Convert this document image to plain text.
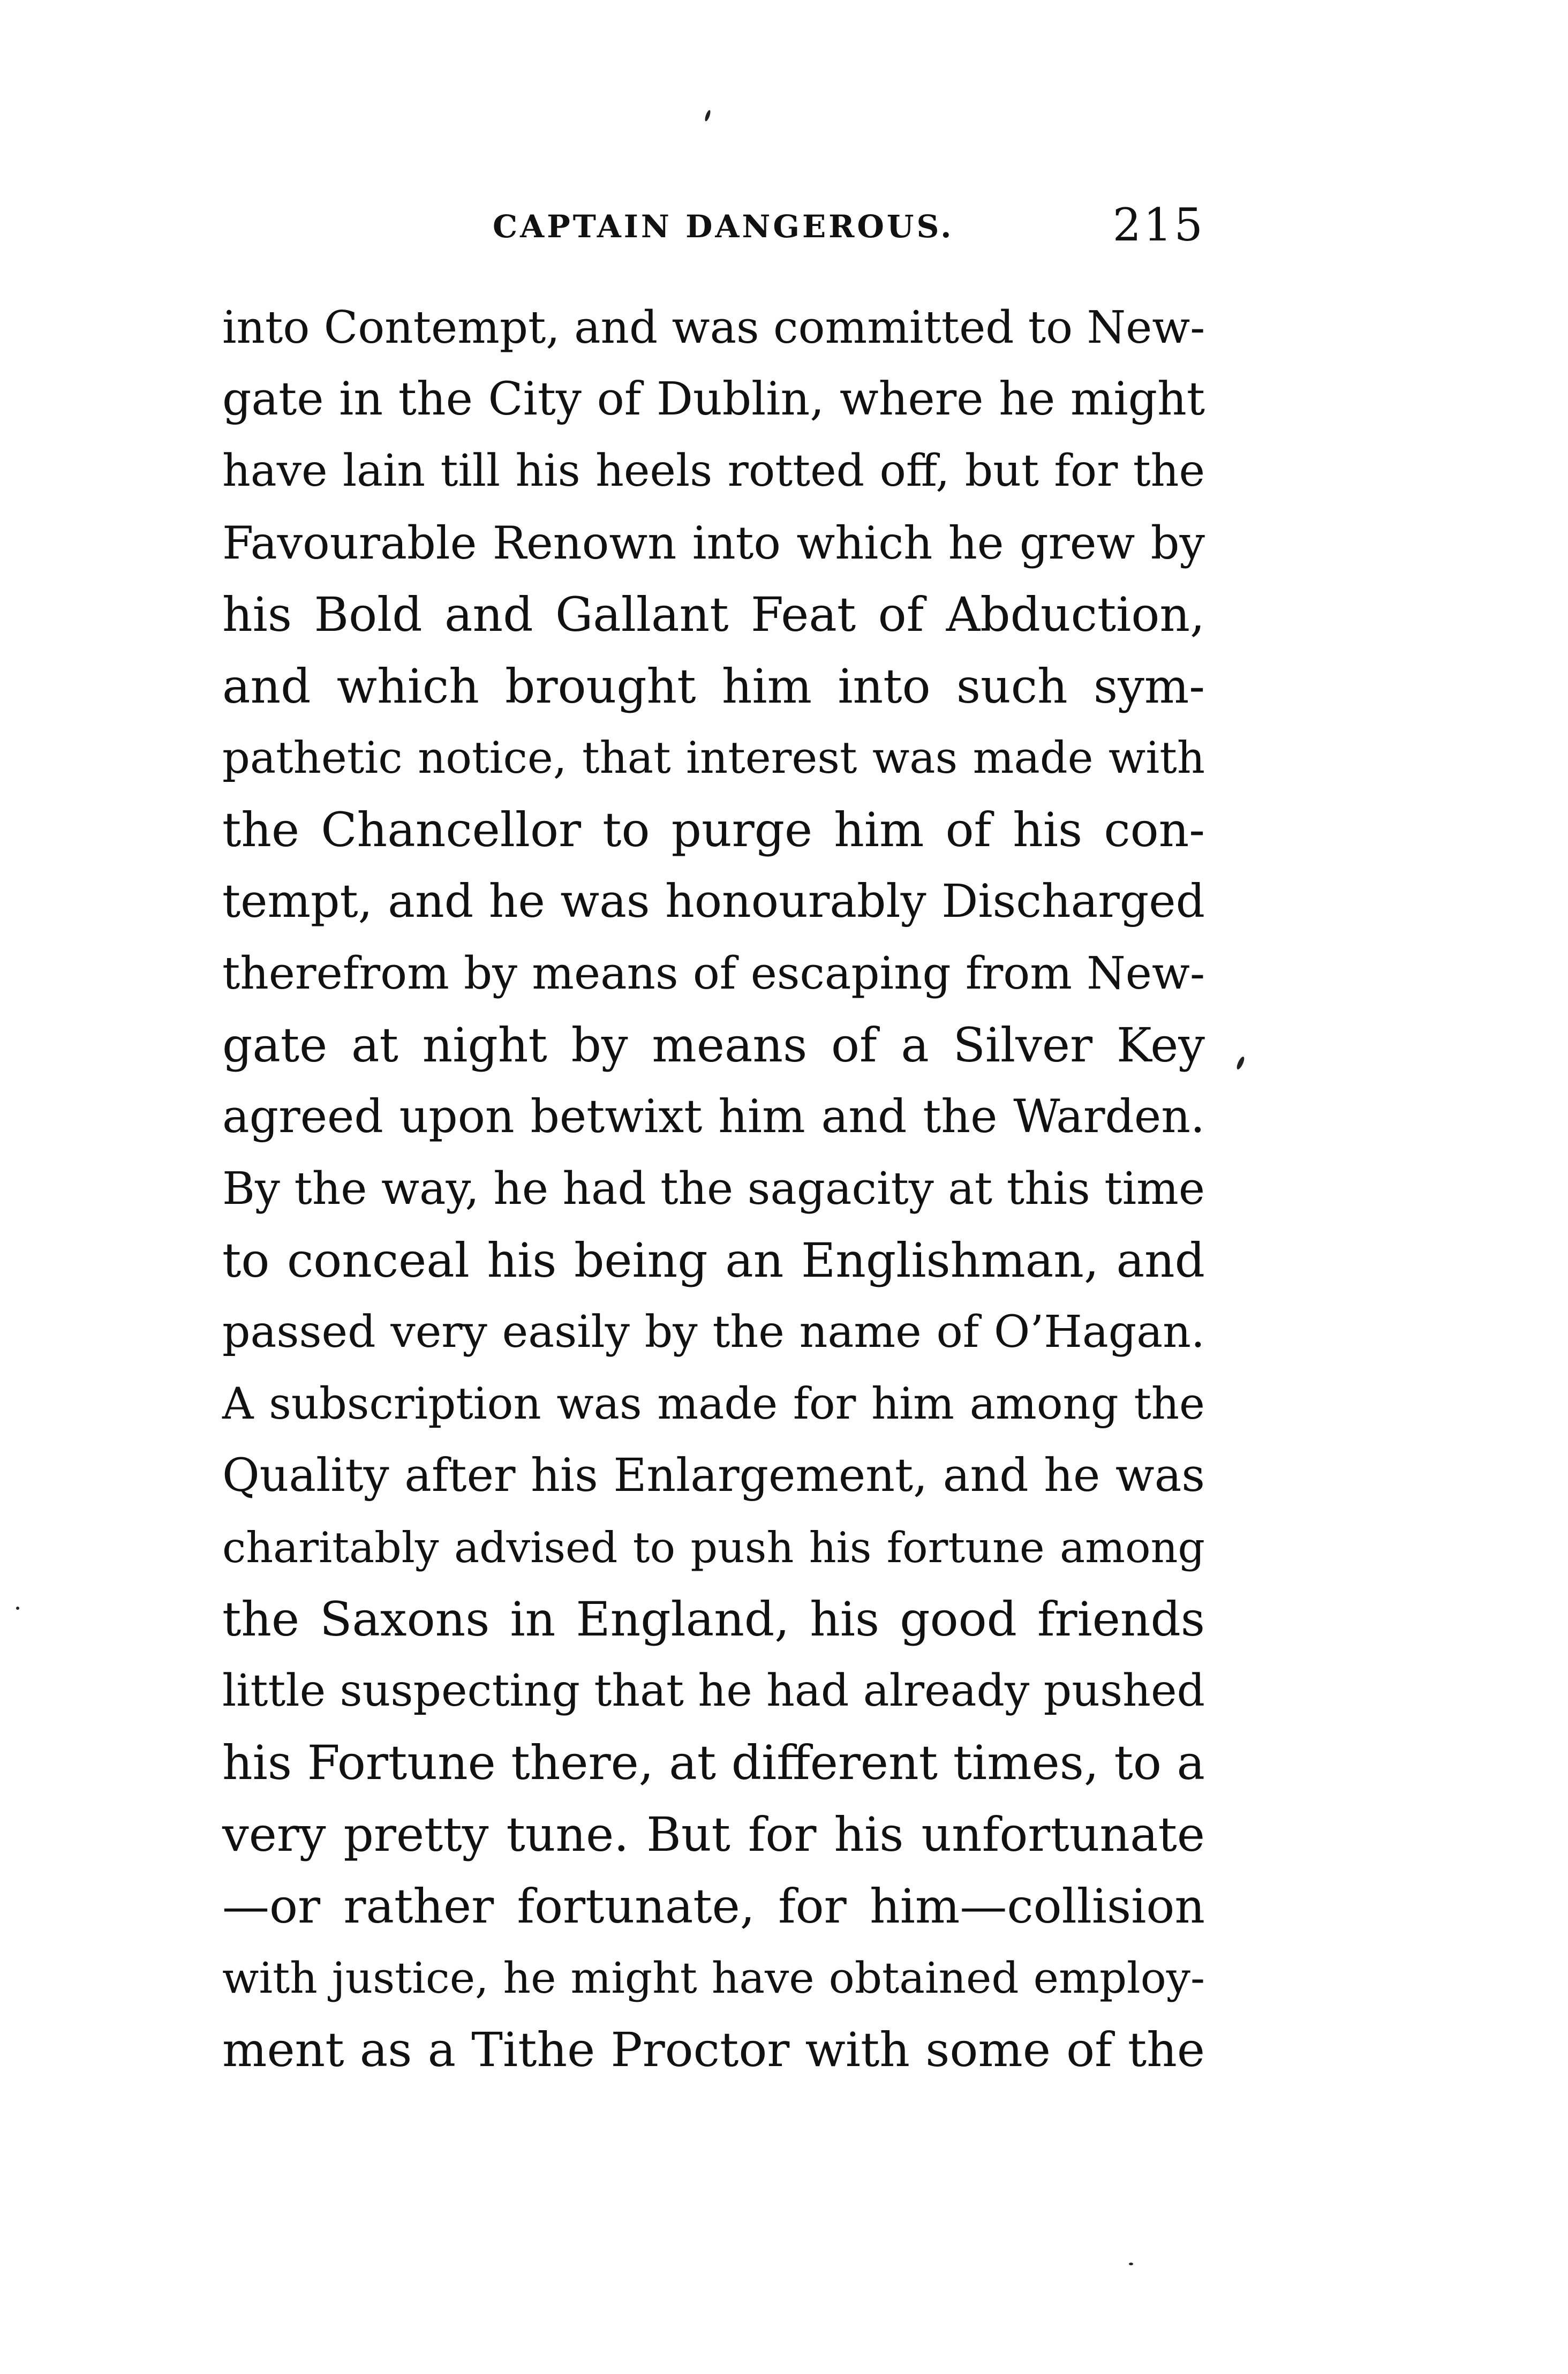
CAPTAIN DANGEROUS.	215
into Contempt, and was committed to New-
gate in the City of Dublin, where he might
have lain till his heels rotted off, but for the
Favourable Renown into which he grew by
his Bold and Gallant Feat of Abduction,
and which brought him into such sym-
pathetic notice, that interest was made with
the Chancellor to purge him of his con-
tempt, and he was honourably Discharged
therefrom by means of escaping from New-
gate at night by means of a Silver Key
agreed upon betwixt him and the Warden.
By the way, he had the sagacity at this time
to conceal his being an Englishman, and
passed very easily by the name of O’Hagan.
A subscription was made for him among the
Quality after his Enlargement, and he was
charitably advised to push his fortune among
the Saxons in England, his good friends
little suspecting that he had already pushed
his Fortune there, at different times, to a
very pretty tune. But for his unfortunate
—or rather fortunate, for him—collision
with justice, he might have obtained employ-
ment as a Tithe Proctor with some of the
